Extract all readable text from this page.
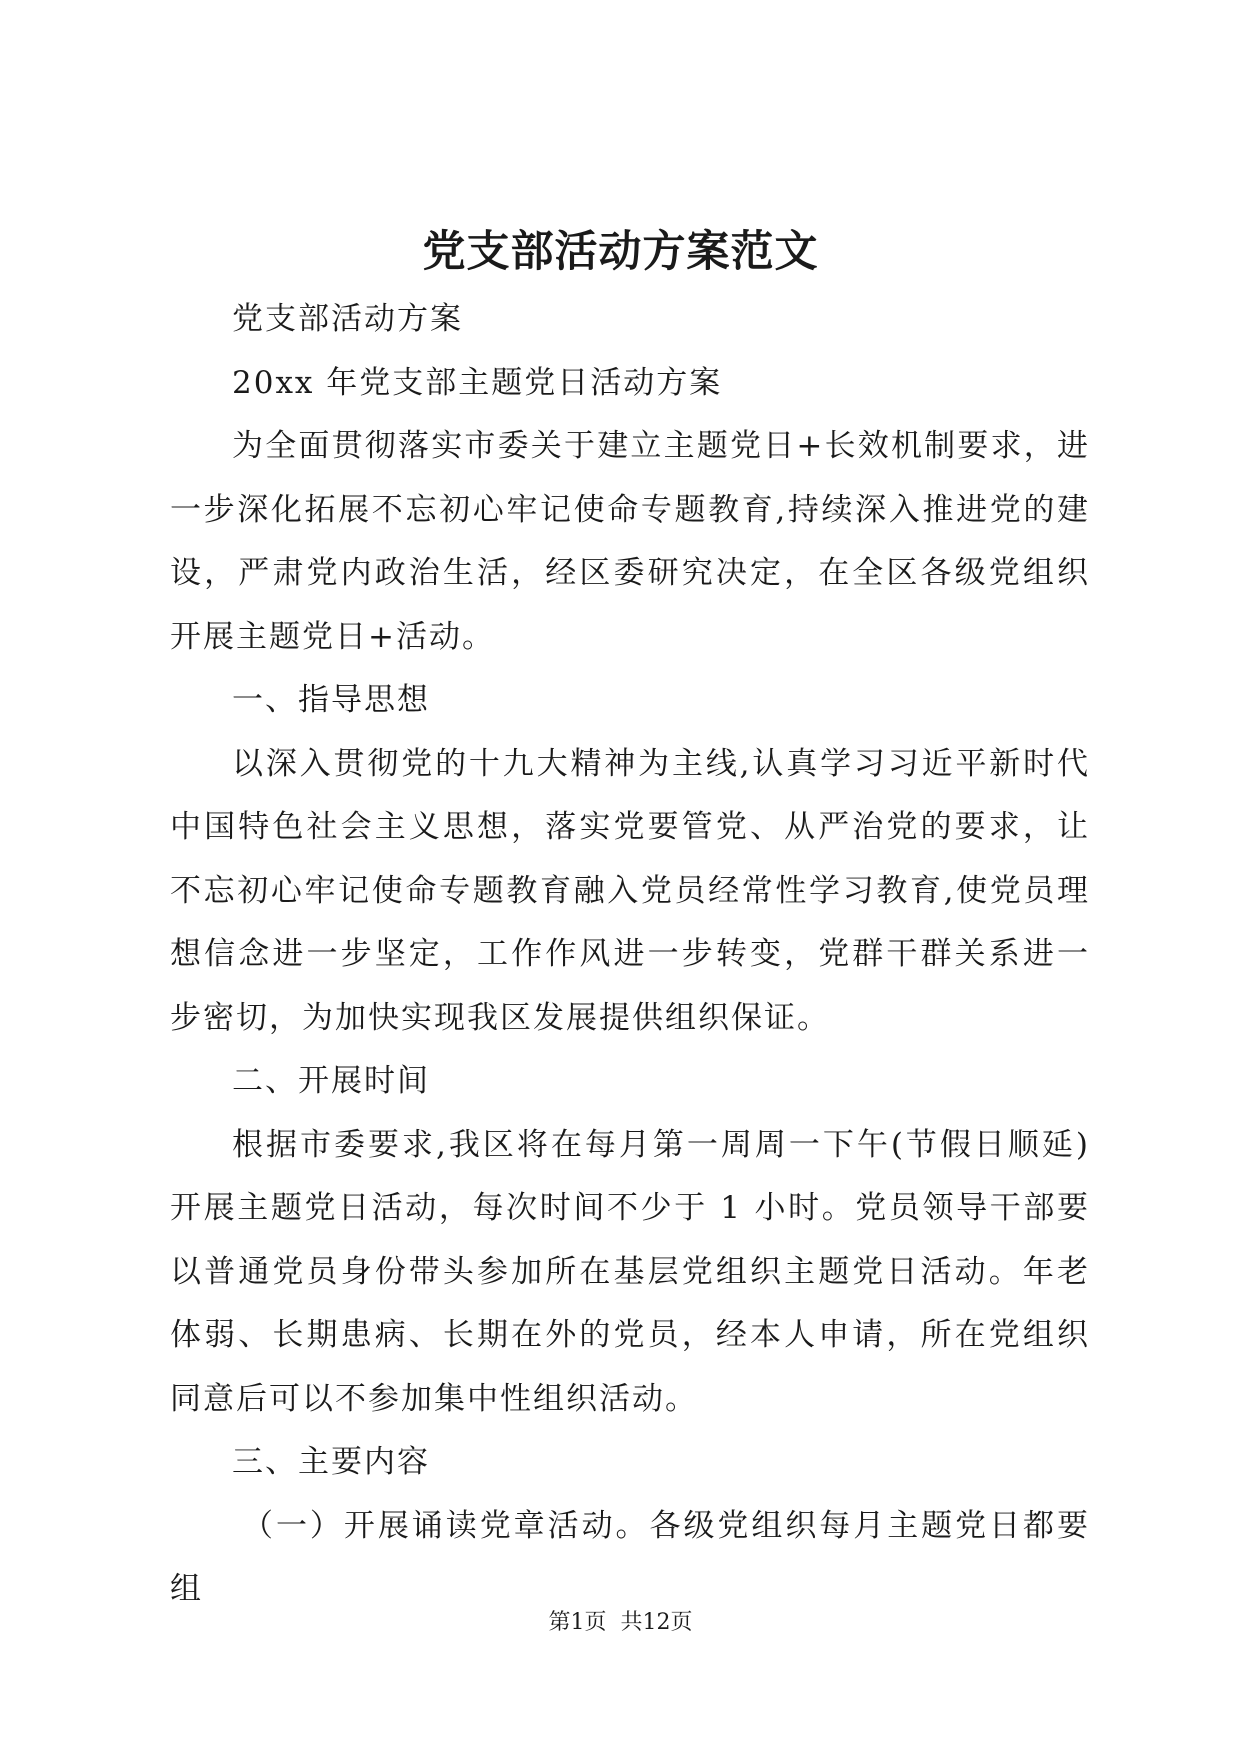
党支部活动方案范文

党支部活动方案

20xx 年党支部主题党日活动方案

为全面贯彻落实市委关于建立主题党日+长效机制要求，进一步深化拓展不忘初心牢记使命专题教育,持续深入推进党的建设，严肃党内政治生活，经区委研究决定，在全区各级党组织开展主题党日+活动。

一、指导思想

以深入贯彻党的十九大精神为主线,认真学习习近平新时代中国特色社会主义思想，落实党要管党、从严治党的要求，让不忘初心牢记使命专题教育融入党员经常性学习教育,使党员理想信念进一步坚定，工作作风进一步转变，党群干群关系进一步密切，为加快实现我区发展提供组织保证。

二、开展时间

根据市委要求,我区将在每月第一周周一下午(节假日顺延)开展主题党日活动，每次时间不少于 1 小时。党员领导干部要以普通党员身份带头参加所在基层党组织主题党日活动。年老体弱、长期患病、长期在外的党员，经本人申请，所在党组织同意后可以不参加集中性组织活动。

三、主要内容

（一）开展诵读党章活动。各级党组织每月主题党日都要组

第1页  共12页
